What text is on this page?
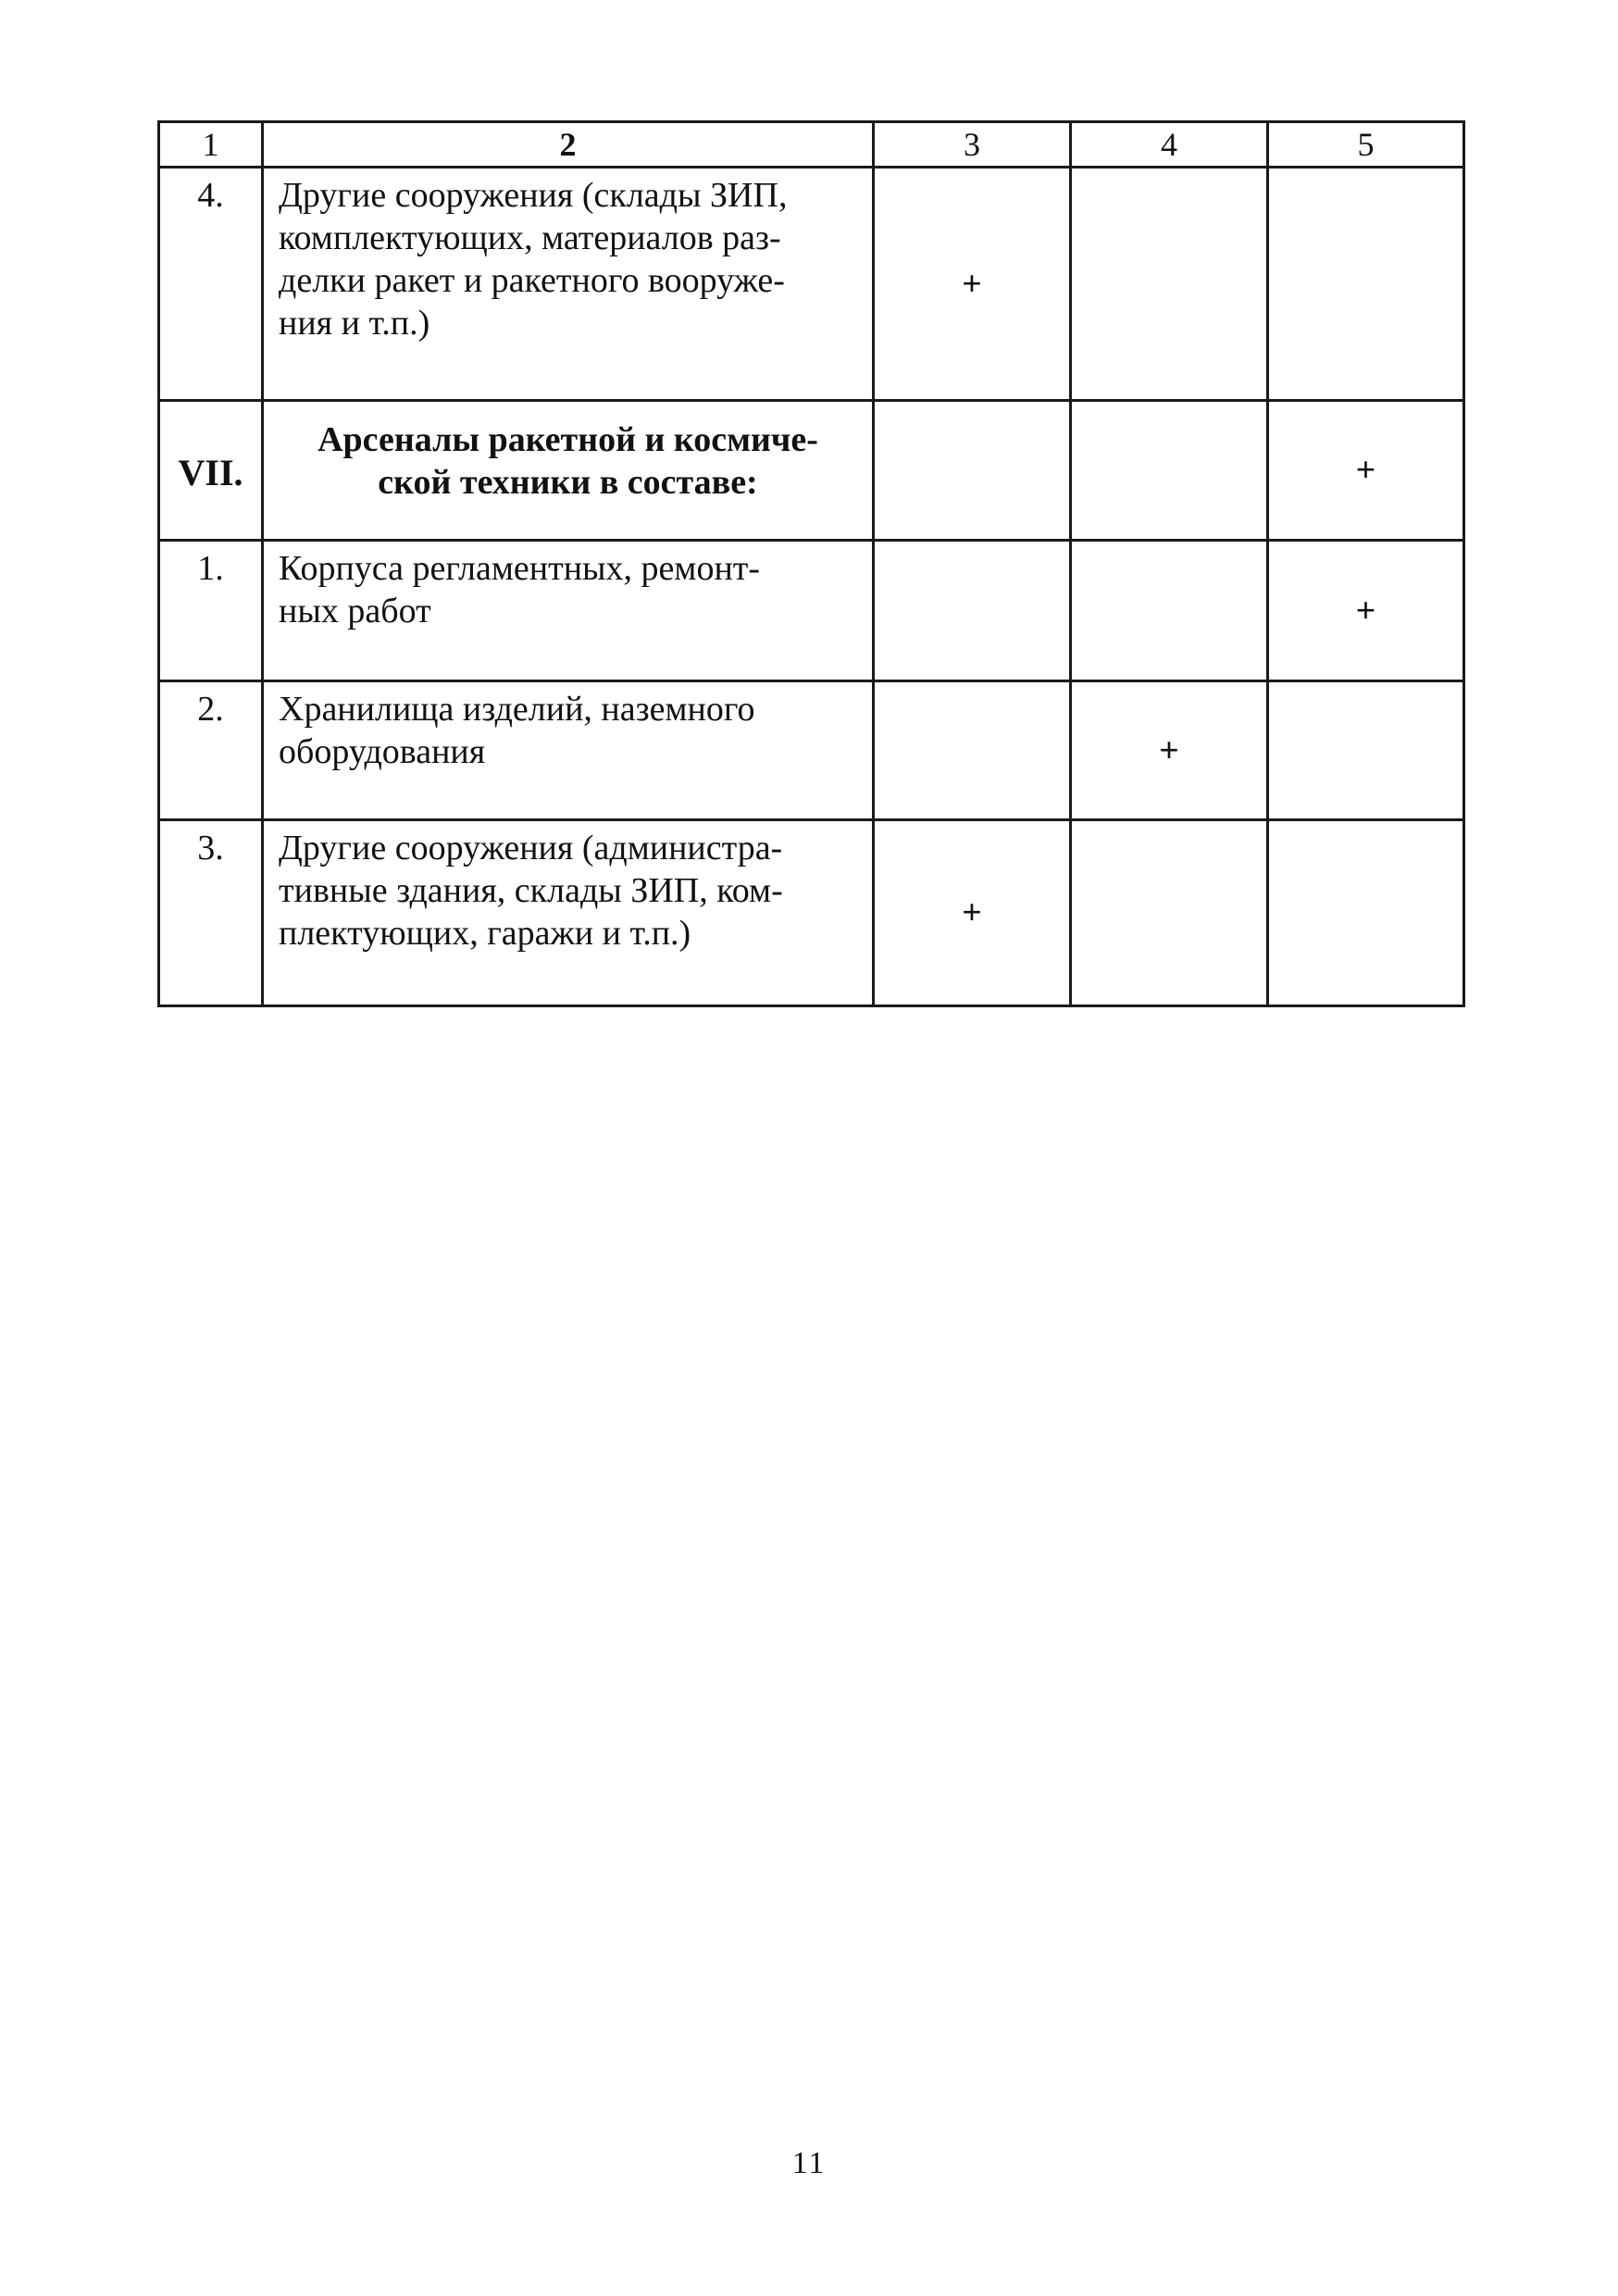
1	2	3	4	5
4.	Другие сооружения (склады ЗИП,
комплектующих, материалов раз-
делки ракет и ракетного вооруже-
ния и т.п.)	+		
VII.	Арсеналы ракетной и космиче-
ской техники в составе:			+
1.	Корпуса регламентных, ремонт-
ных работ			+
2.	Хранилища изделий, наземного
оборудования		+	
3.	Другие сооружения (администра-
тивные здания, склады ЗИП, ком-
плектующих, гаражи и т.п.)	+		
11
